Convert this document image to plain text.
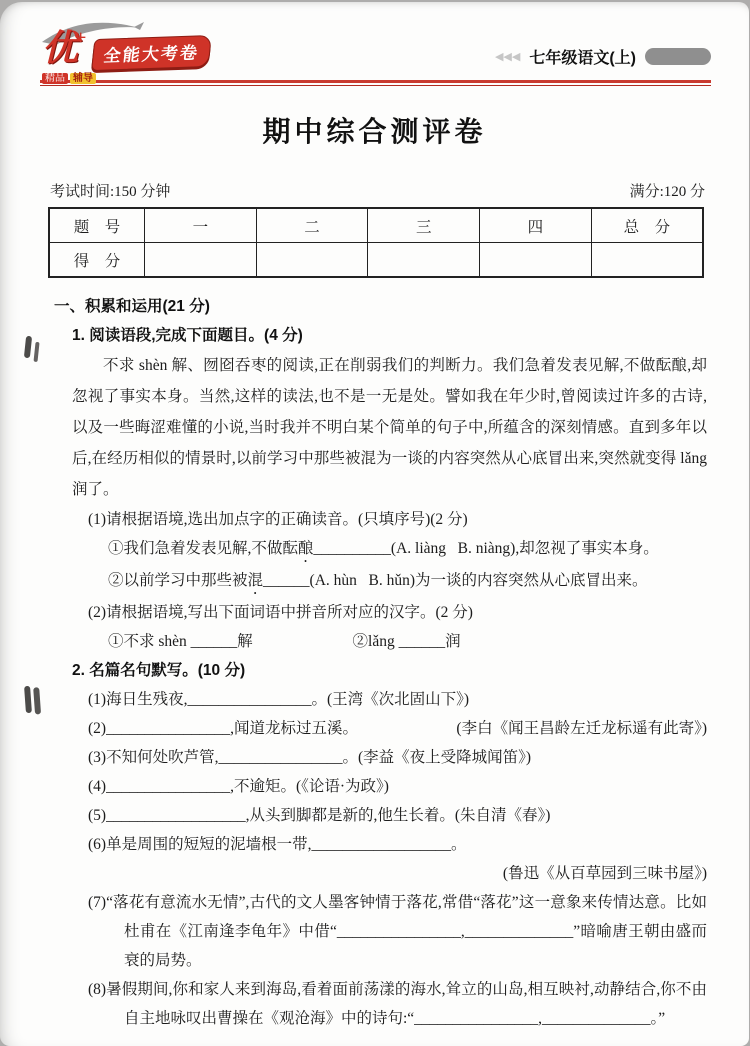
优+ 全能大考卷
精品 辅导
◀◀◀ 七年级语文(上)
期中综合测评卷
考试时间:150 分钟	满分:120 分
题　号	一	二	三	四	总　分
得　分					
一、积累和运用(21 分)
1. 阅读语段,完成下面题目。(4 分)

不求 shèn 解、囫囵吞枣的阅读,正在削弱我们的判断力。我们急着发表见解,不做酝酿,却忽视了事实本身。当然,这样的读法,也不是一无是处。譬如我在年少时,曾阅读过许多的古诗,以及一些晦涩难懂的小说,当时我并不明白某个简单的句子中,所蕴含的深刻情感。直到多年以后,在经历相似的情景时,以前学习中那些被混为一谈的内容突然从心底冒出来,突然就变得 lǎng 润了。

(1)请根据语境,选出加点字的正确读音。(只填序号)(2 分)
①我们急着发表见解,不做酝酿__________(A. liàng   B. niàng),却忽视了事实本身。
②以前学习中那些被混______(A. hùn   B. hǔn)为一谈的内容突然从心底冒出来。
(2)请根据语境,写出下面词语中拼音所对应的汉字。(2 分)
①不求 shèn ______解	②lǎng ______润
2. 名篇名句默写。(10 分)
(1)海日生残夜,________________。(王湾《次北固山下》)
(2)________________,闻道龙标过五溪。	(李白《闻王昌龄左迁龙标遥有此寄》)
(3)不知何处吹芦管,________________。(李益《夜上受降城闻笛》)
(4)________________,不逾矩。(《论语·为政》)
(5)__________________,从头到脚都是新的,他生长着。(朱自清《春》)
(6)单是周围的短短的泥墙根一带,__________________。
(鲁迅《从百草园到三味书屋》)
(7)“落花有意流水无情”,古代的文人墨客钟情于落花,常借“落花”这一意象来传情达意。比如杜甫在《江南逢李龟年》中借“________________,______________”暗喻唐王朝由盛而衰的局势。
(8)暑假期间,你和家人来到海岛,看着面前荡漾的海水,耸立的山岛,相互映衬,动静结合,你不由自主地咏叹出曹操在《观沧海》中的诗句:“________________,______________。”
